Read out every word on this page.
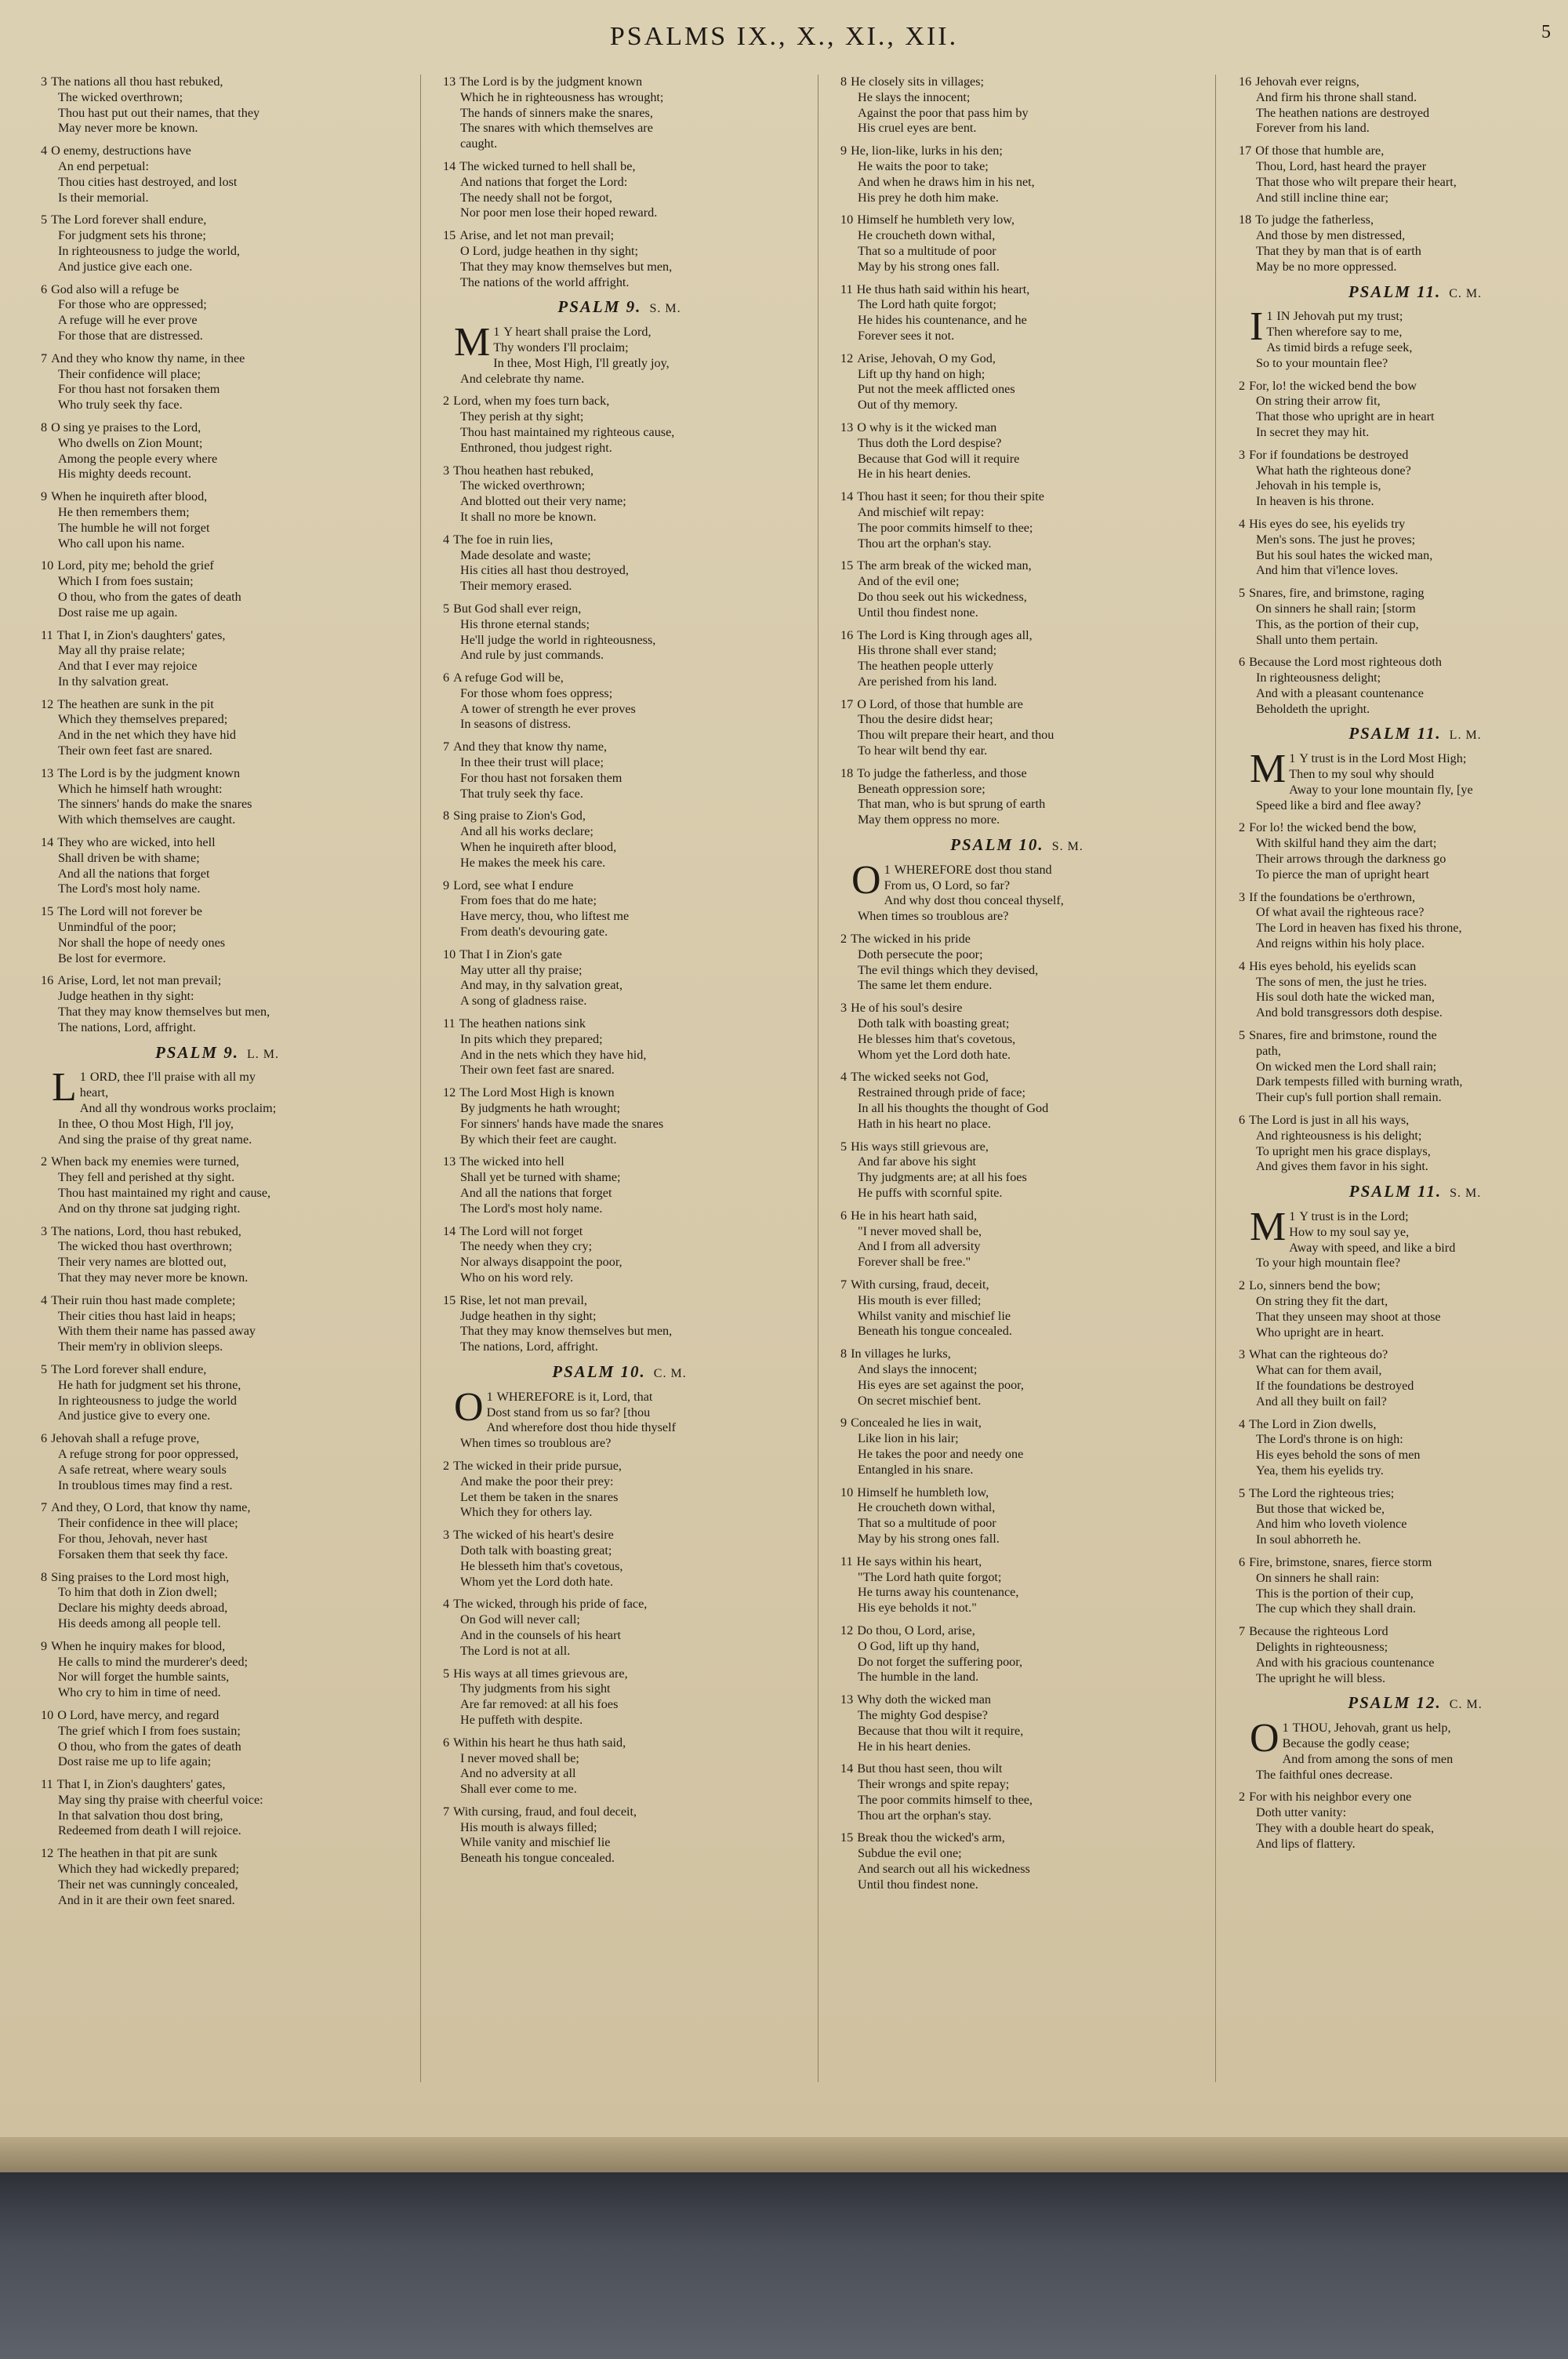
PSALMS IX., X., XI., XII.	5
3 The nations all thou hast rebuked,
The wicked overthrown;
Thou hast put out their names, that they
May never more be known.
4 O enemy, destructions have
An end perpetual:
Thou cities hast destroyed, and lost
Is their memorial.
5 The Lord forever shall endure,
For judgment sets his throne;
In righteousness to judge the world,
And justice give each one.
6 God also will a refuge be
For those who are oppressed;
A refuge will he ever prove
For those that are distressed.
7 And they who know thy name, in thee
Their confidence will place;
For thou hast not forsaken them
Who truly seek thy face.
8 O sing ye praises to the Lord,
Who dwells on Zion Mount;
Among the people every where
His mighty deeds recount.
9 When he inquireth after blood,
He then remembers them;
The humble he will not forget
Who call upon his name.
10 Lord, pity me; behold the grief
Which I from foes sustain;
O thou, who from the gates of death
Dost raise me up again.
11 That I, in Zion's daughters' gates,
May all thy praise relate;
And that I ever may rejoice
In thy salvation great.
12 The heathen are sunk in the pit
Which they themselves prepared;
And in the net which they have hid
Their own feet fast are snared.
13 The Lord is by the judgment known
Which he himself hath wrought:
The sinners' hands do make the snares
With which themselves are caught.
14 They who are wicked, into hell
Shall driven be with shame;
And all the nations that forget
The Lord's most holy name.
15 The Lord will not forever be
Unmindful of the poor;
Nor shall the hope of needy ones
Be lost for evermore.
16 Arise, Lord, let not man prevail;
Judge heathen in thy sight:
That they may know themselves but men,
The nations, Lord, affright.
PSALM 9. L. M.
1
L ORD, thee I'll praise with all my
heart,
And all thy wondrous works proclaim;
In thee, O thou Most High, I'll joy,
And sing the praise of thy great name.
2 When back my enemies were turned,
They fell and perished at thy sight.
Thou hast maintained my right and cause,
And on thy throne sat judging right.
3 The nations, Lord, thou hast rebuked,
The wicked thou hast overthrown;
Their very names are blotted out,
That they may never more be known.
4 Their ruin thou hast made complete;
Their cities thou hast laid in heaps;
With them their name has passed away
Their mem'ry in oblivion sleeps.
5 The Lord forever shall endure,
He hath for judgment set his throne,
In righteousness to judge the world
And justice give to every one.
6 Jehovah shall a refuge prove,
A refuge strong for poor oppressed,
A safe retreat, where weary souls
In troublous times may find a rest.
7 And they, O Lord, that know thy name,
Their confidence in thee will place;
For thou, Jehovah, never hast
Forsaken them that seek thy face.
8 Sing praises to the Lord most high,
To him that doth in Zion dwell;
Declare his mighty deeds abroad,
His deeds among all people tell.
9 When he inquiry makes for blood,
He calls to mind the murderer's deed;
Nor will forget the humble saints,
Who cry to him in time of need.
10 O Lord, have mercy, and regard
The grief which I from foes sustain;
O thou, who from the gates of death
Dost raise me up to life again;
11 That I, in Zion's daughters' gates,
May sing thy praise with cheerful voice:
In that salvation thou dost bring,
Redeemed from death I will rejoice.
12 The heathen in that pit are sunk
Which they had wickedly prepared;
Their net was cunningly concealed,
And in it are their own feet snared.
13 The Lord is by the judgment known
Which he in righteousness has wrought;
The hands of sinners make the snares,
The snares with which themselves are
caught.
14 The wicked turned to hell shall be,
And nations that forget the Lord:
The needy shall not be forgot,
Nor poor men lose their hoped reward.
15 Arise, and let not man prevail;
O Lord, judge heathen in thy sight;
That they may know themselves but men,
The nations of the world affright.
PSALM 9. S. M.
1
M Y heart shall praise the Lord,
Thy wonders I'll proclaim;
In thee, Most High, I'll greatly joy,
And celebrate thy name.
2 Lord, when my foes turn back,
They perish at thy sight;
Thou hast maintained my righteous cause,
Enthroned, thou judgest right.
3 Thou heathen hast rebuked,
The wicked overthrown;
And blotted out their very name;
It shall no more be known.
4 The foe in ruin lies,
Made desolate and waste;
His cities all hast thou destroyed,
Their memory erased.
5 But God shall ever reign,
His throne eternal stands;
He'll judge the world in righteousness,
And rule by just commands.
6 A refuge God will be,
For those whom foes oppress;
A tower of strength he ever proves
In seasons of distress.
7 And they that know thy name,
In thee their trust will place;
For thou hast not forsaken them
That truly seek thy face.
8 Sing praise to Zion's God,
And all his works declare;
When he inquireth after blood,
He makes the meek his care.
9 Lord, see what I endure
From foes that do me hate;
Have mercy, thou, who liftest me
From death's devouring gate.
10 That I in Zion's gate
May utter all thy praise;
And may, in thy salvation great,
A song of gladness raise.
11 The heathen nations sink
In pits which they prepared;
And in the nets which they have hid,
Their own feet fast are snared.
12 The Lord Most High is known
By judgments he hath wrought;
For sinners' hands have made the snares
By which their feet are caught.
13 The wicked into hell
Shall yet be turned with shame;
And all the nations that forget
The Lord's most holy name.
14 The Lord will not forget
The needy when they cry;
Nor always disappoint the poor,
Who on his word rely.
15 Rise, let not man prevail,
Judge heathen in thy sight;
That they may know themselves but men,
The nations, Lord, affright.
PSALM 10. C. M.
1
O WHEREFORE is it, Lord, that
Dost stand from us so far? [thou
And wherefore dost thou hide thyself
When times so troublous are?
2 The wicked in their pride pursue,
And make the poor their prey:
Let them be taken in the snares
Which they for others lay.
3 The wicked of his heart's desire
Doth talk with boasting great;
He blesseth him that's covetous,
Whom yet the Lord doth hate.
4 The wicked, through his pride of face,
On God will never call;
And in the counsels of his heart
The Lord is not at all.
5 His ways at all times grievous are,
Thy judgments from his sight
Are far removed: at all his foes
He puffeth with despite.
6 Within his heart he thus hath said,
I never moved shall be;
And no adversity at all
Shall ever come to me.
7 With cursing, fraud, and foul deceit,
His mouth is always filled;
While vanity and mischief lie
Beneath his tongue concealed.
8 He closely sits in villages;
He slays the innocent;
Against the poor that pass him by
His cruel eyes are bent.
9 He, lion-like, lurks in his den;
He waits the poor to take;
And when he draws him in his net,
His prey he doth him make.
10 Himself he humbleth very low,
He croucheth down withal,
That so a multitude of poor
May by his strong ones fall.
11 He thus hath said within his heart,
The Lord hath quite forgot;
He hides his countenance, and he
Forever sees it not.
12 Arise, Jehovah, O my God,
Lift up thy hand on high;
Put not the meek afflicted ones
Out of thy memory.
13 O why is it the wicked man
Thus doth the Lord despise?
Because that God will it require
He in his heart denies.
14 Thou hast it seen; for thou their spite
And mischief wilt repay:
The poor commits himself to thee;
Thou art the orphan's stay.
15 The arm break of the wicked man,
And of the evil one;
Do thou seek out his wickedness,
Until thou findest none.
16 The Lord is King through ages all,
His throne shall ever stand;
The heathen people utterly
Are perished from his land.
17 O Lord, of those that humble are
Thou the desire didst hear;
Thou wilt prepare their heart, and thou
To hear wilt bend thy ear.
18 To judge the fatherless, and those
Beneath oppression sore;
That man, who is but sprung of earth
May them oppress no more.
PSALM 10. S. M.
1
O WHEREFORE dost thou stand
From us, O Lord, so far?
And why dost thou conceal thyself,
When times so troublous are?
2 The wicked in his pride
Doth persecute the poor;
The evil things which they devised,
The same let them endure.
3 He of his soul's desire
Doth talk with boasting great;
He blesses him that's covetous,
Whom yet the Lord doth hate.
4 The wicked seeks not God,
Restrained through pride of face;
In all his thoughts the thought of God
Hath in his heart no place.
5 His ways still grievous are,
And far above his sight
Thy judgments are; at all his foes
He puffs with scornful spite.
6 He in his heart hath said,
"I never moved shall be,
And I from all adversity
Forever shall be free."
7 With cursing, fraud, deceit,
His mouth is ever filled;
Whilst vanity and mischief lie
Beneath his tongue concealed.
8 In villages he lurks,
And slays the innocent;
His eyes are set against the poor,
On secret mischief bent.
9 Concealed he lies in wait,
Like lion in his lair;
He takes the poor and needy one
Entangled in his snare.
10 Himself he humbleth low,
He croucheth down withal,
That so a multitude of poor
May by his strong ones fall.
11 He says within his heart,
"The Lord hath quite forgot;
He turns away his countenance,
His eye beholds it not."
12 Do thou, O Lord, arise,
O God, lift up thy hand,
Do not forget the suffering poor,
The humble in the land.
13 Why doth the wicked man
The mighty God despise?
Because that thou wilt it require,
He in his heart denies.
14 But thou hast seen, thou wilt
Their wrongs and spite repay;
The poor commits himself to thee,
Thou art the orphan's stay.
15 Break thou the wicked's arm,
Subdue the evil one;
And search out all his wickedness
Until thou findest none.
16 Jehovah ever reigns,
And firm his throne shall stand.
The heathen nations are destroyed
Forever from his land.
17 Of those that humble are,
Thou, Lord, hast heard the prayer
That those who wilt prepare their heart,
And still incline thine ear;
18 To judge the fatherless,
And those by men distressed,
That they by man that is of earth
May be no more oppressed.
PSALM 11. C. M.
1
I IN Jehovah put my trust;
Then wherefore say to me,
As timid birds a refuge seek,
So to your mountain flee?
2 For, lo! the wicked bend the bow
On string their arrow fit,
That those who upright are in heart
In secret they may hit.
3 For if foundations be destroyed
What hath the righteous done?
Jehovah in his temple is,
In heaven is his throne.
4 His eyes do see, his eyelids try
Men's sons. The just he proves;
But his soul hates the wicked man,
And him that vi'lence loves.
5 Snares, fire, and brimstone, raging
On sinners he shall rain; [storm
This, as the portion of their cup,
Shall unto them pertain.
6 Because the Lord most righteous doth
In righteousness delight;
And with a pleasant countenance
Beholdeth the upright.
PSALM 11. L. M.
1
M Y trust is in the Lord Most High;
Then to my soul why should
Away to your lone mountain fly, [ye
Speed like a bird and flee away?
2 For lo! the wicked bend the bow,
With skilful hand they aim the dart;
Their arrows through the darkness go
To pierce the man of upright heart
3 If the foundations be o'erthrown,
Of what avail the righteous race?
The Lord in heaven has fixed his throne,
And reigns within his holy place.
4 His eyes behold, his eyelids scan
The sons of men, the just he tries.
His soul doth hate the wicked man,
And bold transgressors doth despise.
5 Snares, fire and brimstone, round the
path,
On wicked men the Lord shall rain;
Dark tempests filled with burning wrath,
Their cup's full portion shall remain.
6 The Lord is just in all his ways,
And righteousness is his delight;
To upright men his grace displays,
And gives them favor in his sight.
PSALM 11. S. M.
1
M Y trust is in the Lord;
How to my soul say ye,
Away with speed, and like a bird
To your high mountain flee?
2 Lo, sinners bend the bow;
On string they fit the dart,
That they unseen may shoot at those
Who upright are in heart.
3 What can the righteous do?
What can for them avail,
If the foundations be destroyed
And all they built on fail?
4 The Lord in Zion dwells,
The Lord's throne is on high:
His eyes behold the sons of men
Yea, them his eyelids try.
5 The Lord the righteous tries;
But those that wicked be,
And him who loveth violence
In soul abhorreth he.
6 Fire, brimstone, snares, fierce storm
On sinners he shall rain:
This is the portion of their cup,
The cup which they shall drain.
7 Because the righteous Lord
Delights in righteousness;
And with his gracious countenance
The upright he will bless.
PSALM 12. C. M.
1
O THOU, Jehovah, grant us help,
Because the godly cease;
And from among the sons of men
The faithful ones decrease.
2 For with his neighbor every one
Doth utter vanity:
They with a double heart do speak,
And lips of flattery.
